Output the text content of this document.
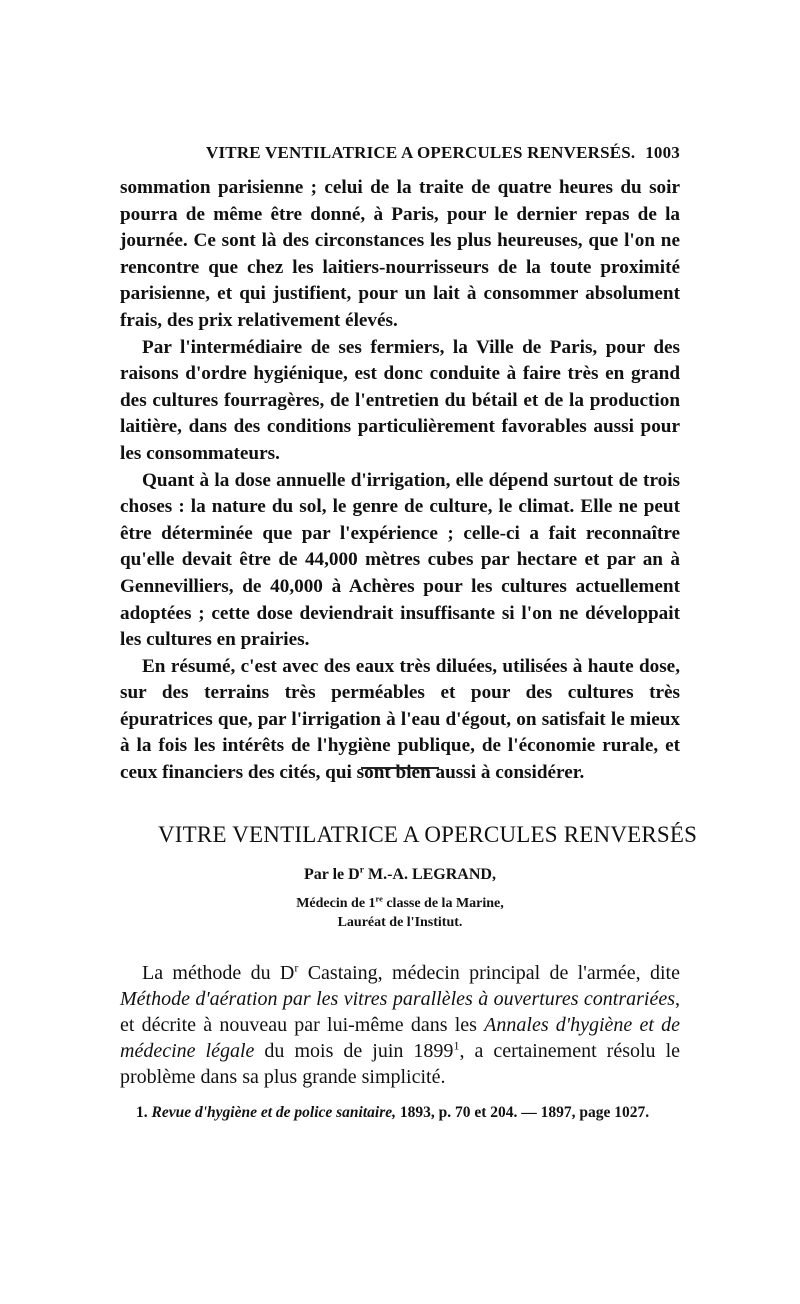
VITRE VENTILATRICE A OPERCULES RENVERSÉS. 1003

sommation parisienne ; celui de la traite de quatre heures du soir pourra de même être donné, à Paris, pour le dernier repas de la journée. Ce sont là des circonstances les plus heureuses, que l'on ne rencontre que chez les laitiers-nourrisseurs de la toute proximité parisienne, et qui justifient, pour un lait à consommer absolument frais, des prix relativement élevés.

Par l'intermédiaire de ses fermiers, la Ville de Paris, pour des raisons d'ordre hygiénique, est donc conduite à faire très en grand des cultures fourragères, de l'entretien du bétail et de la production laitière, dans des conditions particulièrement favorables aussi pour les consommateurs.

Quant à la dose annuelle d'irrigation, elle dépend surtout de trois choses : la nature du sol, le genre de culture, le climat. Elle ne peut être déterminée que par l'expérience ; celle-ci a fait reconnaître qu'elle devait être de 44,000 mètres cubes par hectare et par an à Gennevilliers, de 40,000 à Achères pour les cultures actuellement adoptées ; cette dose deviendrait insuffisante si l'on ne développait les cultures en prairies.

En résumé, c'est avec des eaux très diluées, utilisées à haute dose, sur des terrains très perméables et pour des cultures très épuratrices que, par l'irrigation à l'eau d'égout, on satisfait le mieux à la fois les intérêts de l'hygiène publique, de l'économie rurale, et ceux financiers des cités, qui sont bien aussi à considérer.

VITRE VENTILATRICE A OPERCULES RENVERSÉS
Par le $D^r$ M.-A. LEGRAND,
Médecin de 1re classe de la Marine,
Lauréat de l'Institut.

La méthode du $D^r$ Castaing, médecin principal de l'armée, dite Méthode d'aération par les vitres parallèles à ouvertures contrariées, et décrite à nouveau par lui-même dans les Annales d'hygiène et de médecine légale du mois de juin 1899$^1$, a certainement résolu le problème dans sa plus grande simplicité.

1. Revue d'hygiène et de police sanitaire, 1893, p. 70 et 204. — 1897, page 1027.
